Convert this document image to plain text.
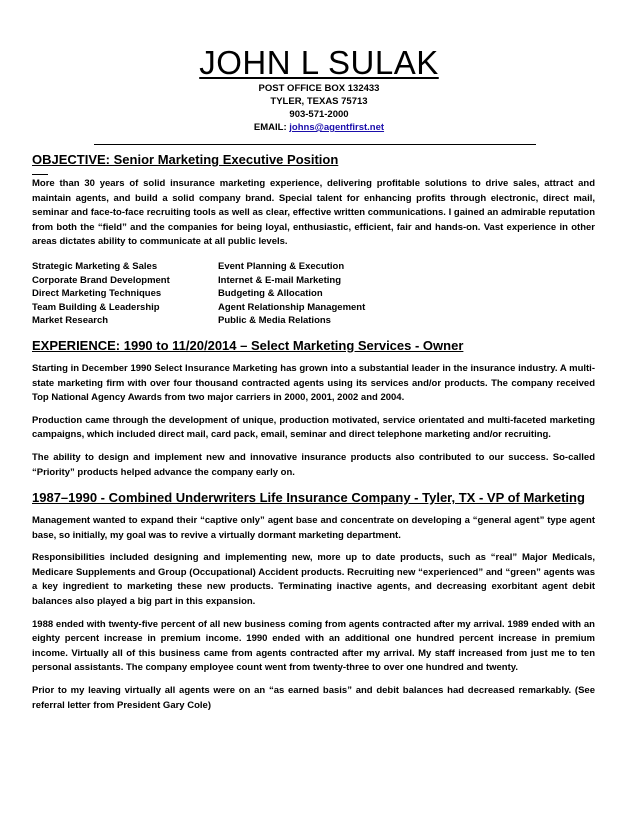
JOHN L SULAK
POST OFFICE BOX 132433
TYLER, TEXAS 75713
903-571-2000
EMAIL: johns@agentfirst.net
OBJECTIVE: Senior Marketing Executive Position

More than 30 years of solid insurance marketing experience, delivering profitable solutions to drive sales, attract and maintain agents, and build a solid company brand. Special talent for enhancing profits through electronic, direct mail, seminar and face-to-face recruiting tools as well as clear, effective written communications. I gained an admirable reputation from both the “field” and the companies for being loyal, enthusiastic, efficient, fair and hands-on. Vast experience in other areas dictates ability to communicate at all public levels.

Strategic Marketing & Sales
Corporate Brand Development
Direct Marketing Techniques
Team Building & Leadership
Market Research
Event Planning & Execution
Internet & E-mail Marketing
Budgeting & Allocation
Agent Relationship Management
Public & Media Relations
EXPERIENCE: 1990 to 11/20/2014 – Select Marketing Services - Owner

Starting in December 1990 Select Insurance Marketing has grown into a substantial leader in the insurance industry. A multi-state marketing firm with over four thousand contracted agents using its services and/or products. The company received Top National Agency Awards from two major carriers in 2000, 2001, 2002 and 2004.

Production came through the development of unique, production motivated, service orientated and multi-faceted marketing campaigns, which included direct mail, card pack, email, seminar and direct telephone marketing and/or recruiting.

The ability to design and implement new and innovative insurance products also contributed to our success. So-called “Priority” products helped advance the company early on.

1987–1990 - Combined Underwriters Life Insurance Company - Tyler, TX - VP of Marketing

Management wanted to expand their “captive only” agent base and concentrate on developing a “general agent” type agent base, so initially, my goal was to revive a virtually dormant marketing department.

Responsibilities included designing and implementing new, more up to date products, such as “real” Major Medicals, Medicare Supplements and Group (Occupational) Accident products. Recruiting new “experienced” and “green” agents was a key ingredient to marketing these new products. Terminating inactive agents, and decreasing exorbitant agent debit balances also played a big part in this expansion.

1988 ended with twenty-five percent of all new business coming from agents contracted after my arrival. 1989 ended with an eighty percent increase in premium income. 1990 ended with an additional one hundred percent increase in premium income. Virtually all of this business came from agents contracted after my arrival. My staff increased from just me to ten personal assistants. The company employee count went from twenty-three to over one hundred and twenty.

Prior to my leaving virtually all agents were on an “as earned basis” and debit balances had decreased remarkably. (See referral letter from President Gary Cole)
